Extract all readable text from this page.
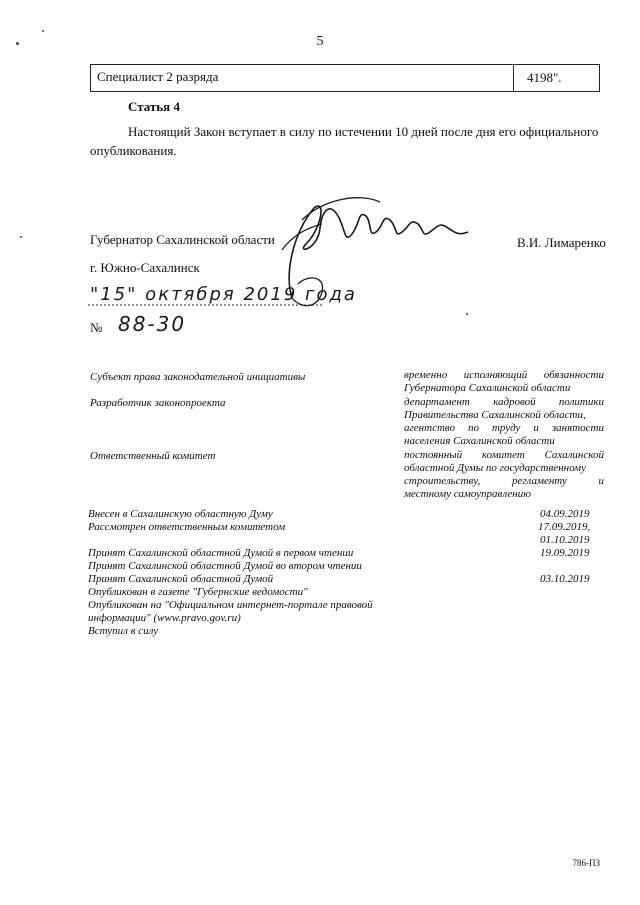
5
Специалист 2 разряда	4198".
Статья 4
Настоящий Закон вступает в силу по истечении 10 дней после дня его официального
опубликования.
Губернатор Сахалинской области	В.И. Лимаренко
г. Южно-Сахалинск
"15" октября 2019 года
№ 88-30
Субъект права законодательной инициативы	временно исполняющий обязанности
Губернатора Сахалинской области
Разработчик законопроекта	департамент кадровой политики
Правительства Сахалинской области,
агентство по труду и занятости
населения Сахалинской области
Ответственный комитет	постоянный комитет Сахалинской
областной Думы по государственному
строительству, регламенту и
местному самоуправлению
Внесен в Сахалинскую областную Думу	04.09.2019
Рассмотрен ответственным комитетом	17.09.2019,
01.10.2019
Принят Сахалинской областной Думой в первом чтении	19.09.2019
Принят Сахалинской областной Думой во втором чтении
Принят Сахалинской областной Думой	03.10.2019
Опубликован в газете "Губернские ведомости"
Опубликован на "Официальном интернет-портале правовой
информации" (www.pravo.gov.ru)
Вступил в силу
786-ПЗ
